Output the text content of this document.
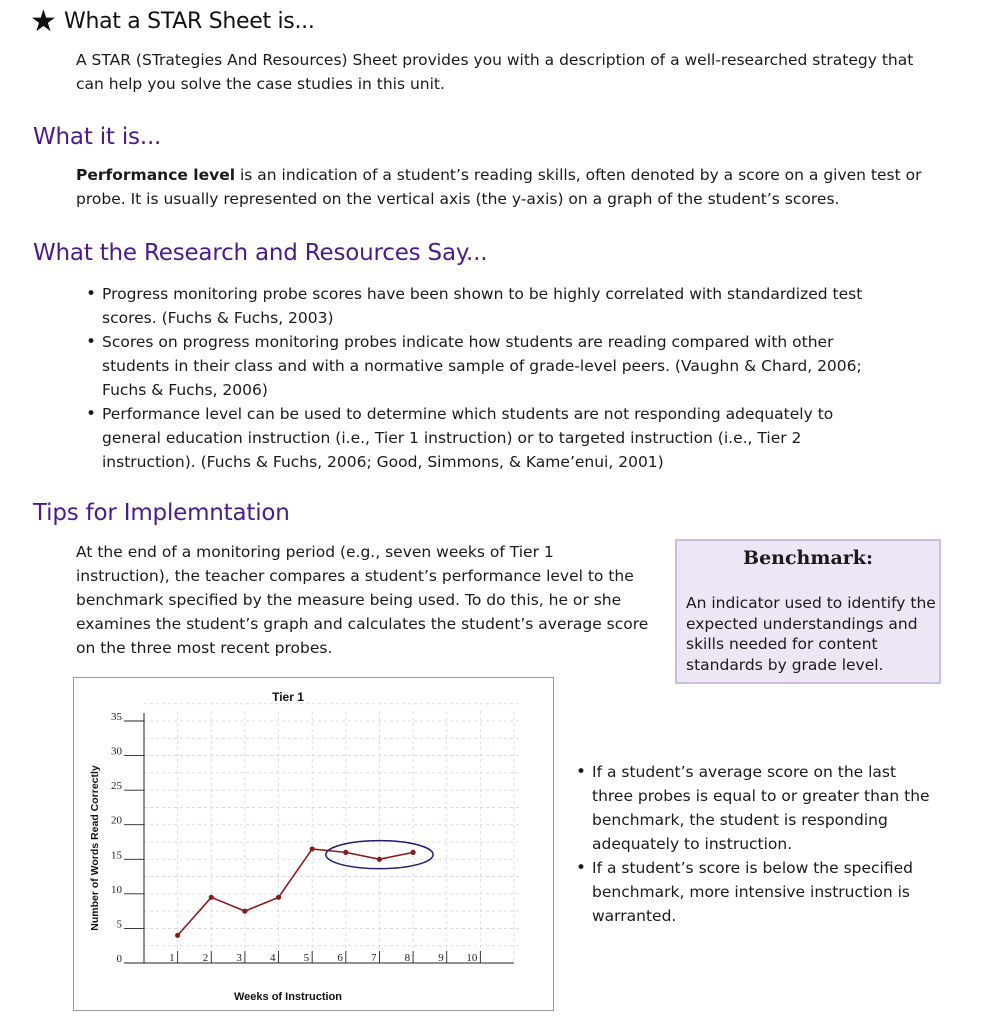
★ What a STAR Sheet is...
A STAR (STrategies And Resources) Sheet provides you with a description of a well-researched strategy that can help you solve the case studies in this unit.
What it is...
Performance level is an indication of a student’s reading skills, often denoted by a score on a given test or probe. It is usually represented on the vertical axis (the y-axis) on a graph of the student’s scores.
What the Research and Resources Say...
• Progress monitoring probe scores have been shown to be highly correlated with standardized test scores. (Fuchs & Fuchs, 2003)
• Scores on progress monitoring probes indicate how students are reading compared with other students in their class and with a normative sample of grade-level peers. (Vaughn & Chard, 2006; Fuchs & Fuchs, 2006)
• Performance level can be used to determine which students are not responding adequately to general education instruction (i.e., Tier 1 instruction) or to targeted instruction (i.e., Tier 2 instruction). (Fuchs & Fuchs, 2006; Good, Simmons, & Kame’enui, 2001)
Tips for Implemntation
At the end of a monitoring period (e.g., seven weeks of Tier 1 instruction), the teacher compares a student’s performance level to the benchmark specified by the measure being used. To do this, he or she examines the student’s graph and calculates the student’s average score on the three most recent probes.
Benchmark:
An indicator used to identify the expected understandings and skills needed for content standards by grade level.
0
5
10
15
20
25
30
35
1	2	3	4	5	6	7	8	9 10
Tier 1
Weeks of Instruction
Number of Words Read Correctly
•	If a student’s average score on the last three probes is equal to or greater than the benchmark, the student is responding adequately to instruction.
• If a student’s score is below the specified benchmark, more intensive instruction is warranted.
